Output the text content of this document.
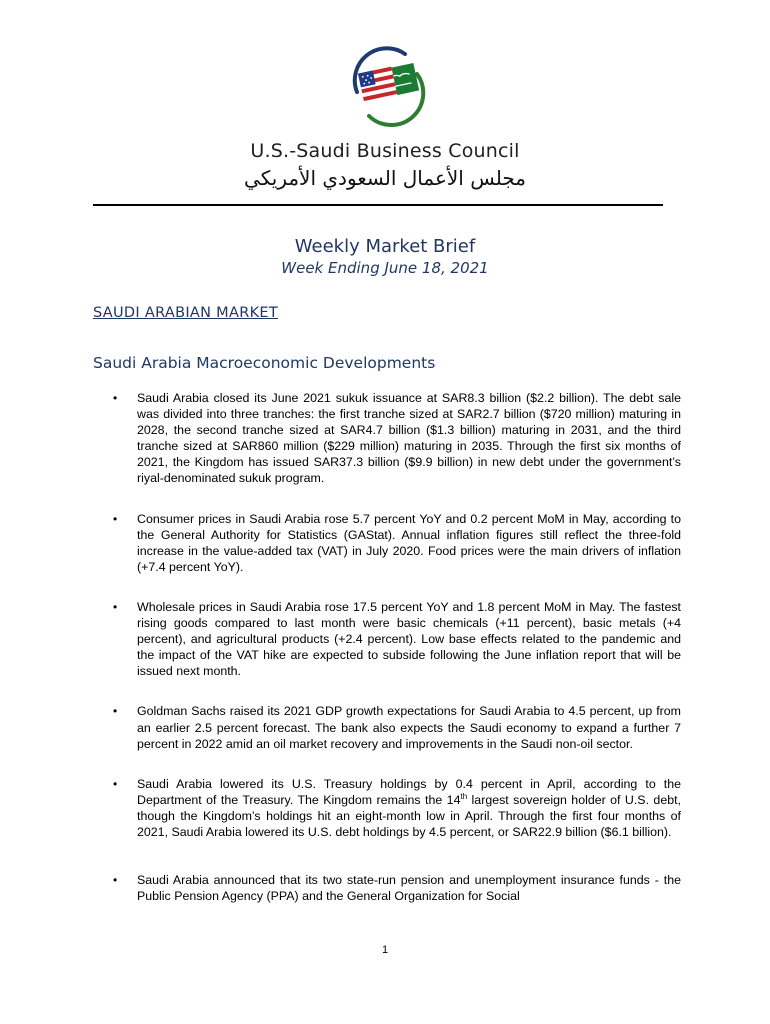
U.S.-Saudi Business Council
مجلس الأعمال السعودي الأمريكي
Weekly Market Brief
Week Ending June 18, 2021
SAUDI ARABIAN MARKET
Saudi Arabia Macroeconomic Developments
• Saudi Arabia closed its June 2021 sukuk issuance at SAR8.3 billion ($2.2 billion). The debt sale was divided into three tranches: the first tranche sized at SAR2.7 billion ($720 million) maturing in 2028, the second tranche sized at SAR4.7 billion ($1.3 billion) maturing in 2031, and the third tranche sized at SAR860 million ($229 million) maturing in 2035. Through the first six months of 2021, the Kingdom has issued SAR37.3 billion ($9.9 billion) in new debt under the government’s riyal-denominated sukuk program.
• Consumer prices in Saudi Arabia rose 5.7 percent YoY and 0.2 percent MoM in May, according to the General Authority for Statistics (GAStat). Annual inflation figures still reflect the three-fold increase in the value-added tax (VAT) in July 2020. Food prices were the main drivers of inflation (+7.4 percent YoY).
• Wholesale prices in Saudi Arabia rose 17.5 percent YoY and 1.8 percent MoM in May. The fastest rising goods compared to last month were basic chemicals (+11 percent), basic metals (+4 percent), and agricultural products (+2.4 percent). Low base effects related to the pandemic and the impact of the VAT hike are expected to subside following the June inflation report that will be issued next month.
• Goldman Sachs raised its 2021 GDP growth expectations for Saudi Arabia to 4.5 percent, up from an earlier 2.5 percent forecast. The bank also expects the Saudi economy to expand a further 7 percent in 2022 amid an oil market recovery and improvements in the Saudi non-oil sector.
• Saudi Arabia lowered its U.S. Treasury holdings by 0.4 percent in April, according to the Department of the Treasury. The Kingdom remains the 14th largest sovereign holder of U.S. debt, though the Kingdom’s holdings hit an eight-month low in April. Through the first four months of 2021, Saudi Arabia lowered its U.S. debt holdings by 4.5 percent, or SAR22.9 billion ($6.1 billion).
• Saudi Arabia announced that its two state-run pension and unemployment insurance funds - the Public Pension Agency (PPA) and the General Organization for Social
1
